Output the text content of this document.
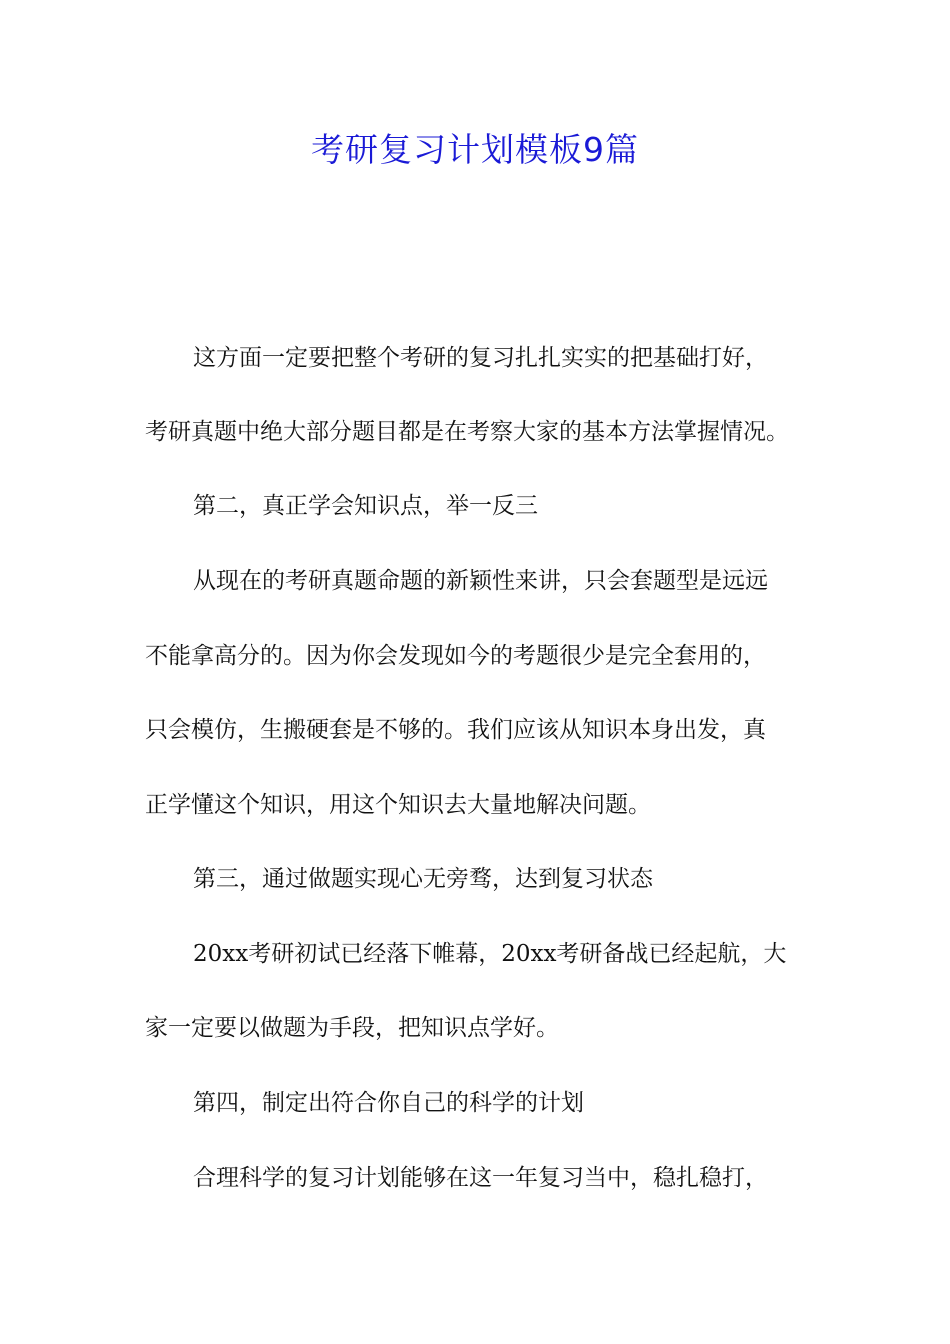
考研复习计划模板9篇
这方面一定要把整个考研的复习扎扎实实的把基础打好，
考研真题中绝大部分题目都是在考察大家的基本方法掌握情况。
第二，真正学会知识点，举一反三
从现在的考研真题命题的新颖性来讲，只会套题型是远远
不能拿高分的。因为你会发现如今的考题很少是完全套用的，
只会模仿，生搬硬套是不够的。我们应该从知识本身出发，真
正学懂这个知识，用这个知识去大量地解决问题。
第三，通过做题实现心无旁骛，达到复习状态
20xx考研初试已经落下帷幕，20xx考研备战已经起航，大
家一定要以做题为手段，把知识点学好。
第四，制定出符合你自己的科学的计划
合理科学的复习计划能够在这一年复习当中，稳扎稳打，
